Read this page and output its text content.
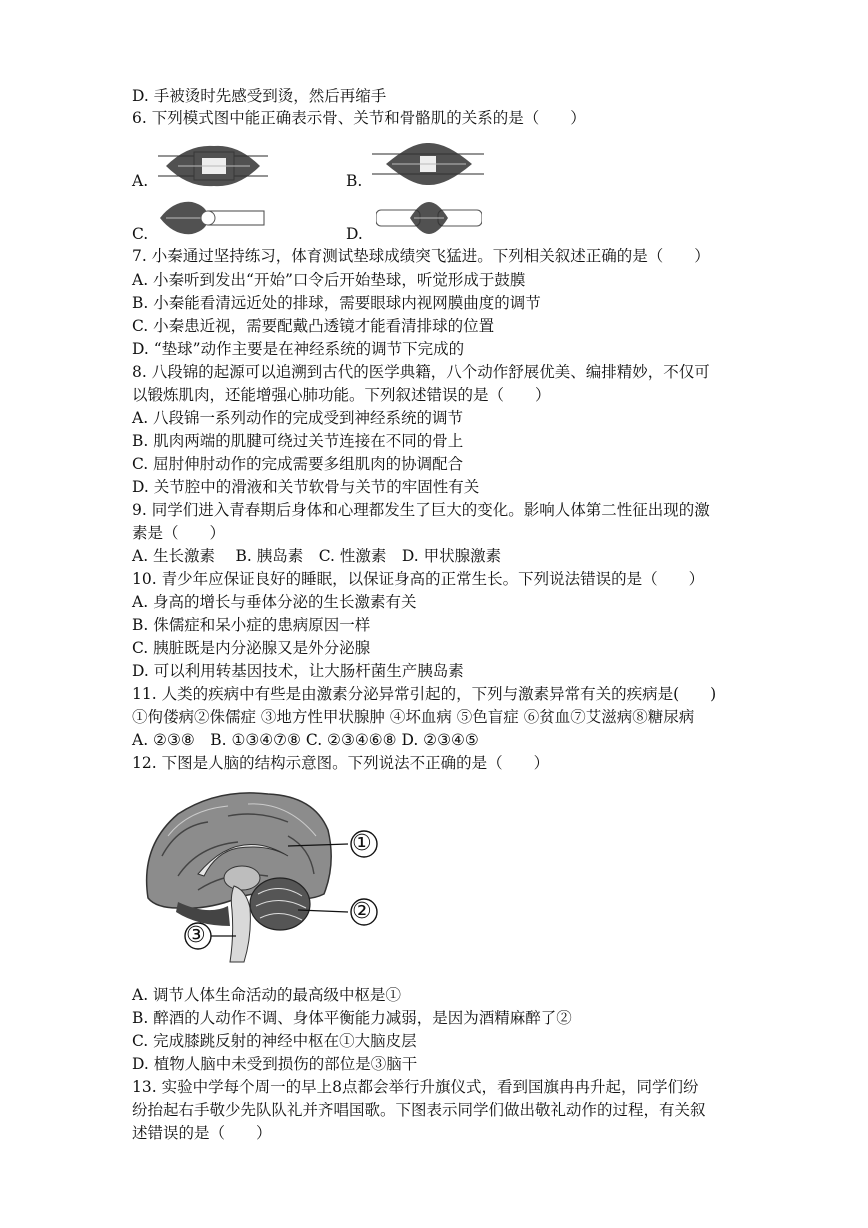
D. 手被烫时先感受到烫，然后再缩手
6. 下列模式图中能正确表示骨、关节和骨骼肌的关系的是（　　）
A.	B.
C.	D.
7. 小秦通过坚持练习，体育测试垫球成绩突飞猛进。下列相关叙述正确的是（　　）
A. 小秦听到发出“开始”口令后开始垫球，听觉形成于鼓膜
B. 小秦能看清远近处的排球，需要眼球内视网膜曲度的调节
C. 小秦患近视，需要配戴凸透镜才能看清排球的位置
D. “垫球”动作主要是在神经系统的调节下完成的
8. 八段锦的起源可以追溯到古代的医学典籍，八个动作舒展优美、编排精妙，不仅可
以锻炼肌肉，还能增强心肺功能。下列叙述错误的是（　　）
A. 八段锦一系列动作的完成受到神经系统的调节
B. 肌肉两端的肌腱可绕过关节连接在不同的骨上
C. 屈肘伸肘动作的完成需要多组肌肉的协调配合
D. 关节腔中的滑液和关节软骨与关节的牢固性有关
9. 同学们进入青春期后身体和心理都发生了巨大的变化。影响人体第二性征出现的激
素是（　　）
A. 生长激素　 B. 胰岛素　C. 性激素　D. 甲状腺激素
10. 青少年应保证良好的睡眠，以保证身高的正常生长。下列说法错误的是（　　）
A. 身高的增长与垂体分泌的生长激素有关
B. 侏儒症和呆小症的患病原因一样
C. 胰脏既是内分泌腺又是外分泌腺
D. 可以利用转基因技术，让大肠杆菌生产胰岛素
11. 人类的疾病中有些是由激素分泌异常引起的，下列与激素异常有关的疾病是(　　)
①佝偻病②侏儒症 ③地方性甲状腺肿 ④坏血病 ⑤色盲症 ⑥贫血⑦艾滋病⑧糖尿病
A. ②③⑧　B. ①③④⑦⑧ C. ②③④⑥⑧ D. ②③④⑤
12. 下图是人脑的结构示意图。下列说法不正确的是（　　）
①
②
③
A. 调节人体生命活动的最高级中枢是①
B. 醉酒的人动作不调、身体平衡能力减弱，是因为酒精麻醉了②
C. 完成膝跳反射的神经中枢在①大脑皮层
D. 植物人脑中未受到损伤的部位是③脑干
13. 实验中学每个周一的早上8点都会举行升旗仪式，看到国旗冉冉升起，同学们纷
纷抬起右手敬少先队队礼并齐唱国歌。下图表示同学们做出敬礼动作的过程，有关叙
述错误的是（　　）
